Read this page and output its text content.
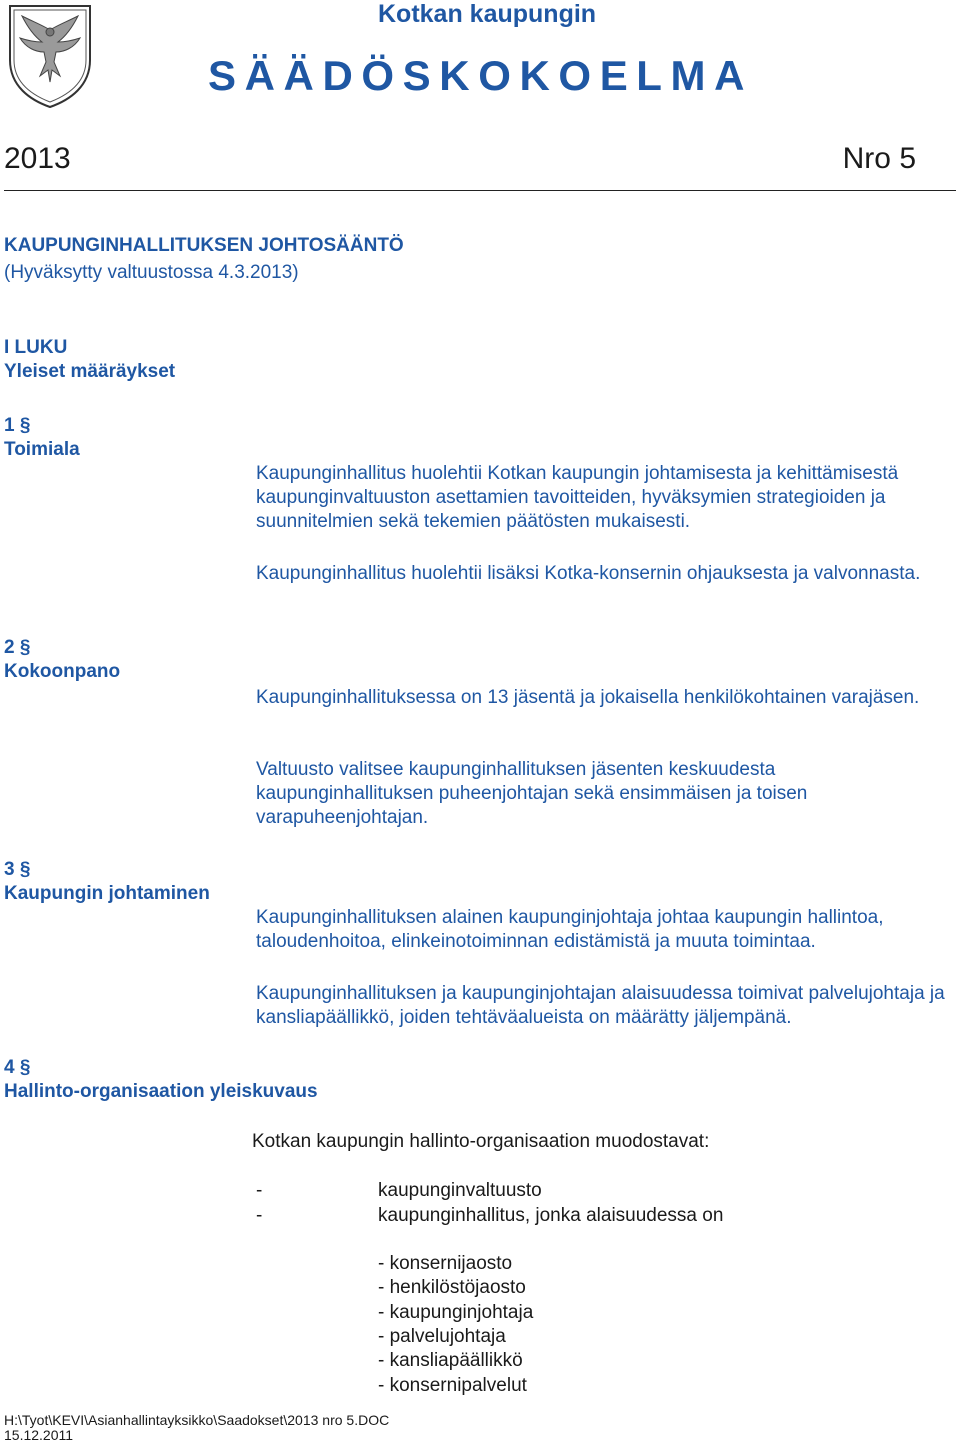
Kotkan kaupungin
SÄÄDÖSKOKOELMA
2013	Nro 5
KAUPUNGINHALLITUKSEN JOHTOSÄÄNTÖ
(Hyväksytty valtuustossa 4.3.2013)
I LUKU
Yleiset määräykset
1 §
Toimiala

Kaupunginhallitus huolehtii Kotkan kaupungin johtamisesta ja kehittämisestä kaupunginvaltuuston asettamien tavoitteiden, hyväksymien strategioiden ja suunnitelmien sekä tekemien päätösten mukaisesti.

Kaupunginhallitus huolehtii lisäksi Kotka-konsernin ohjauksesta ja valvonnasta.

2 §
Kokoonpano

Kaupunginhallituksessa on 13 jäsentä ja jokaisella henkilökohtainen varajäsen.

Valtuusto valitsee kaupunginhallituksen jäsenten keskuudesta kaupunginhallituksen puheenjohtajan sekä ensimmäisen ja toisen varapuheenjohtajan.

3 §
Kaupungin johtaminen

Kaupunginhallituksen alainen kaupunginjohtaja johtaa kaupungin hallintoa, taloudenhoitoa, elinkeinotoiminnan edistämistä ja muuta toimintaa.

Kaupunginhallituksen ja kaupunginjohtajan alaisuudessa toimivat palvelujohtaja ja kansliapäällikkö, joiden tehtäväalueista on määrätty jäljempänä.

4 §
Hallinto-organisaation yleiskuvaus
Kotkan kaupungin hallinto-organisaation muodostavat:
-	kaupunginvaltuusto
-	kaupunginhallitus, jonka alaisuudessa on
- konsernijaosto
- henkilöstöjaosto
- kaupunginjohtaja
- palvelujohtaja
- kansliapäällikkö
- konsernipalvelut
H:\Tyot\KEVI\Asianhallintayksikko\Saadokset\2013 nro 5.DOC
15.12.2011
